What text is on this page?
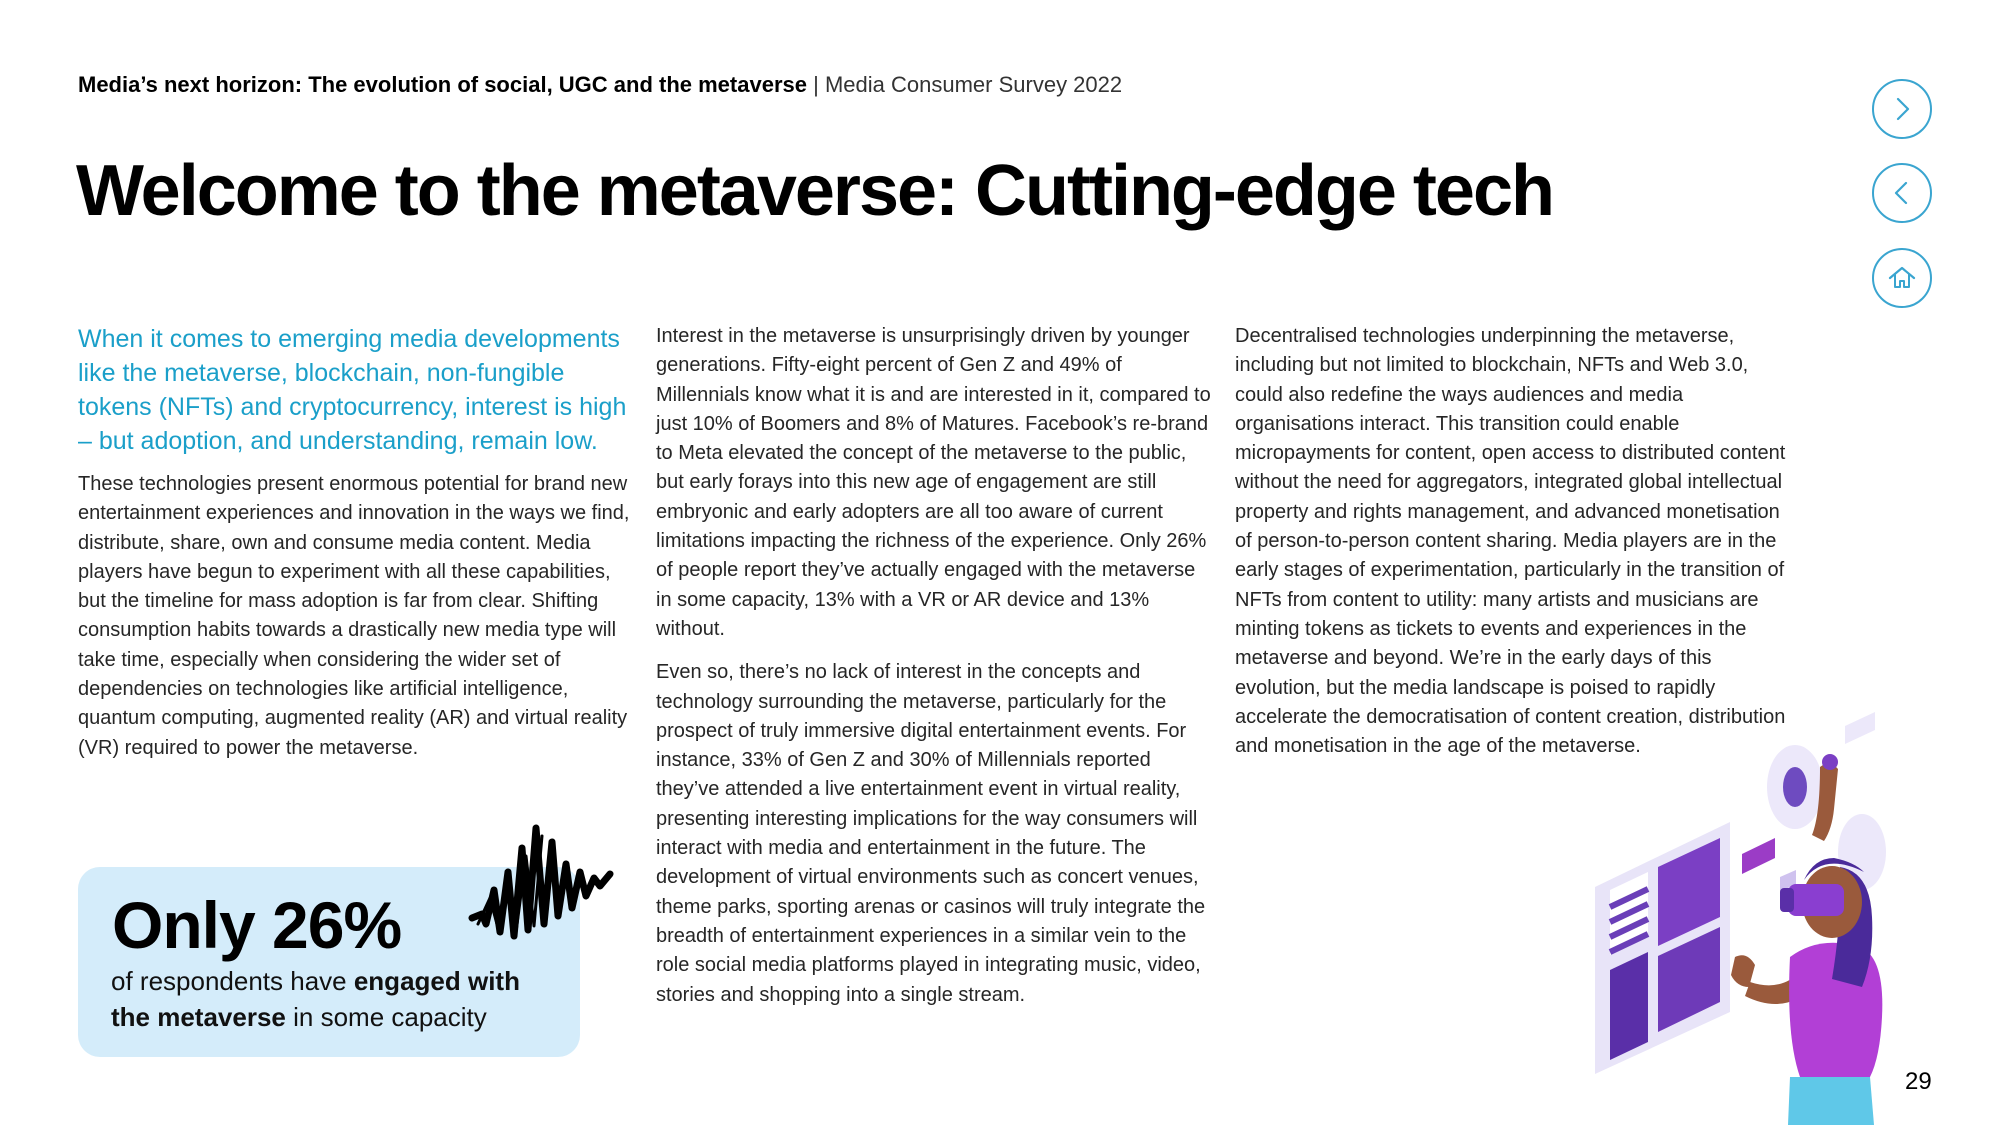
Media’s next horizon: The evolution of social, UGC and the metaverse | Media Consumer Survey 2022
Welcome to the metaverse: Cutting-edge tech

When it comes to emerging media developments like the metaverse, blockchain, non-fungible tokens (NFTs) and cryptocurrency, interest is high – but adoption, and understanding, remain low.

These technologies present enormous potential for brand new entertainment experiences and innovation in the ways we find, distribute, share, own and consume media content. Media players have begun to experiment with all these capabilities, but the timeline for mass adoption is far from clear. Shifting consumption habits towards a drastically new media type will take time, especially when considering the wider set of dependencies on technologies like artificial intelligence, quantum computing, augmented reality (AR) and virtual reality (VR) required to power the metaverse.

Interest in the metaverse is unsurprisingly driven by younger generations. Fifty-eight percent of Gen Z and 49% of Millennials know what it is and are interested in it, compared to just 10% of Boomers and 8% of Matures. Facebook’s re-brand to Meta elevated the concept of the metaverse to the public, but early forays into this new age of engagement are still embryonic and early adopters are all too aware of current limitations impacting the richness of the experience. Only 26% of people report they’ve actually engaged with the metaverse in some capacity, 13% with a VR or AR device and 13% without.

Even so, there’s no lack of interest in the concepts and technology surrounding the metaverse, particularly for the prospect of truly immersive digital entertainment events. For instance, 33% of Gen Z and 30% of Millennials reported they’ve attended a live entertainment event in virtual reality, presenting interesting implications for the way consumers will interact with media and entertainment in the future. The development of virtual environments such as concert venues, theme parks, sporting arenas or casinos will truly integrate the breadth of entertainment experiences in a similar vein to the role social media platforms played in integrating music, video, stories and shopping into a single stream.

Decentralised technologies underpinning the metaverse, including but not limited to blockchain, NFTs and Web 3.0, could also redefine the ways audiences and media organisations interact. This transition could enable micropayments for content, open access to distributed content without the need for aggregators, integrated global intellectual property and rights management, and advanced monetisation of person-to-person content sharing. Media players are in the early stages of experimentation, particularly in the transition of NFTs from content to utility: many artists and musicians are minting tokens as tickets to events and experiences in the metaverse and beyond. We’re in the early days of this evolution, but the media landscape is poised to rapidly accelerate the democratisation of content creation, distribution and monetisation in the age of the metaverse.

Only 26%

of respondents have engaged with the metaverse in some capacity

29
